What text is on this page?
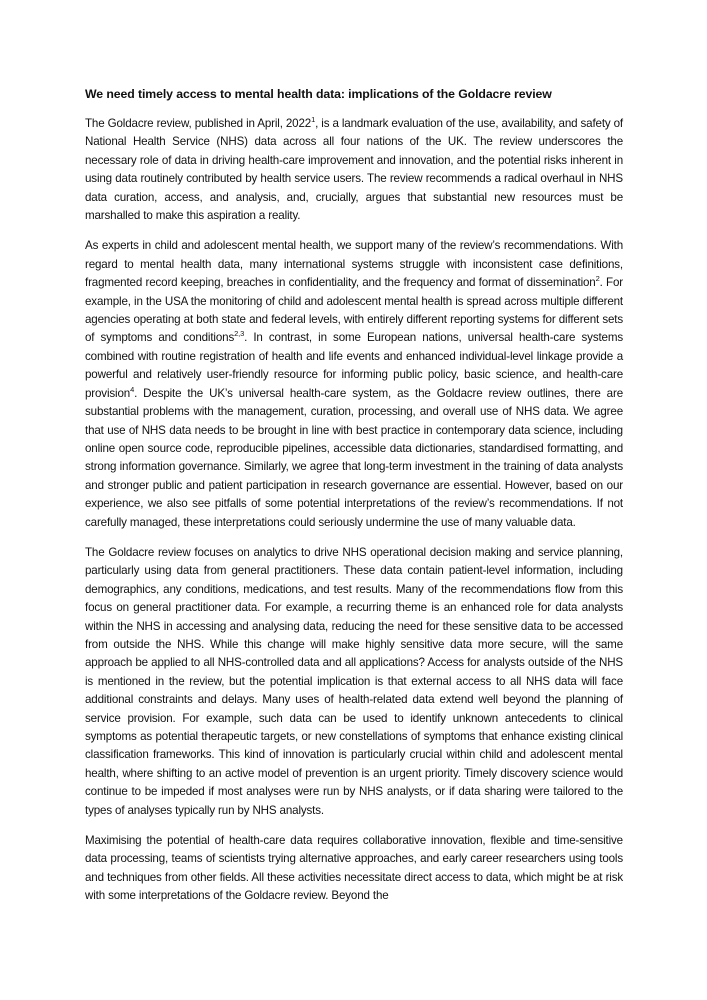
We need timely access to mental health data: implications of the Goldacre review

The Goldacre review, published in April, 2022$^1$, is a landmark evaluation of the use, availability, and safety of National Health Service (NHS) data across all four nations of the UK. The review underscores the necessary role of data in driving health-care improvement and innovation, and the potential risks inherent in using data routinely contributed by health service users. The review recommends a radical overhaul in NHS data curation, access, and analysis, and, crucially, argues that substantial new resources must be marshalled to make this aspiration a reality.

As experts in child and adolescent mental health, we support many of the review’s recommendations. With regard to mental health data, many international systems struggle with inconsistent case definitions, fragmented record keeping, breaches in confidentiality, and the frequency and format of dissemination$^2$. For example, in the USA the monitoring of child and adolescent mental health is spread across multiple different agencies operating at both state and federal levels, with entirely different reporting systems for different sets of symptoms and conditions$^{2,3}$. In contrast, in some European nations, universal health-care systems combined with routine registration of health and life events and enhanced individual-level linkage provide a powerful and relatively user-friendly resource for informing public policy, basic science, and health-care provision$^4$. Despite the UK’s universal health-care system, as the Goldacre review outlines, there are substantial problems with the management, curation, processing, and overall use of NHS data. We agree that use of NHS data needs to be brought in line with best practice in contemporary data science, including online open source code, reproducible pipelines, accessible data dictionaries, standardised formatting, and strong information governance. Similarly, we agree that long-term investment in the training of data analysts and stronger public and patient participation in research governance are essential. However, based on our experience, we also see pitfalls of some potential interpretations of the review’s recommendations. If not carefully managed, these interpretations could seriously undermine the use of many valuable data.

The Goldacre review focuses on analytics to drive NHS operational decision making and service planning, particularly using data from general practitioners. These data contain patient-level information, including demographics, any conditions, medications, and test results. Many of the recommendations flow from this focus on general practitioner data. For example, a recurring theme is an enhanced role for data analysts within the NHS in accessing and analysing data, reducing the need for these sensitive data to be accessed from outside the NHS. While this change will make highly sensitive data more secure, will the same approach be applied to all NHS-controlled data and all applications? Access for analysts outside of the NHS is mentioned in the review, but the potential implication is that external access to all NHS data will face additional constraints and delays. Many uses of health-related data extend well beyond the planning of service provision. For example, such data can be used to identify unknown antecedents to clinical symptoms as potential therapeutic targets, or new constellations of symptoms that enhance existing clinical classification frameworks. This kind of innovation is particularly crucial within child and adolescent mental health, where shifting to an active model of prevention is an urgent priority. Timely discovery science would continue to be impeded if most analyses were run by NHS analysts, or if data sharing were tailored to the types of analyses typically run by NHS analysts.

Maximising the potential of health-care data requires collaborative innovation, flexible and time-sensitive data processing, teams of scientists trying alternative approaches, and early career researchers using tools and techniques from other fields. All these activities necessitate direct access to data, which might be at risk with some interpretations of the Goldacre review. Beyond the
